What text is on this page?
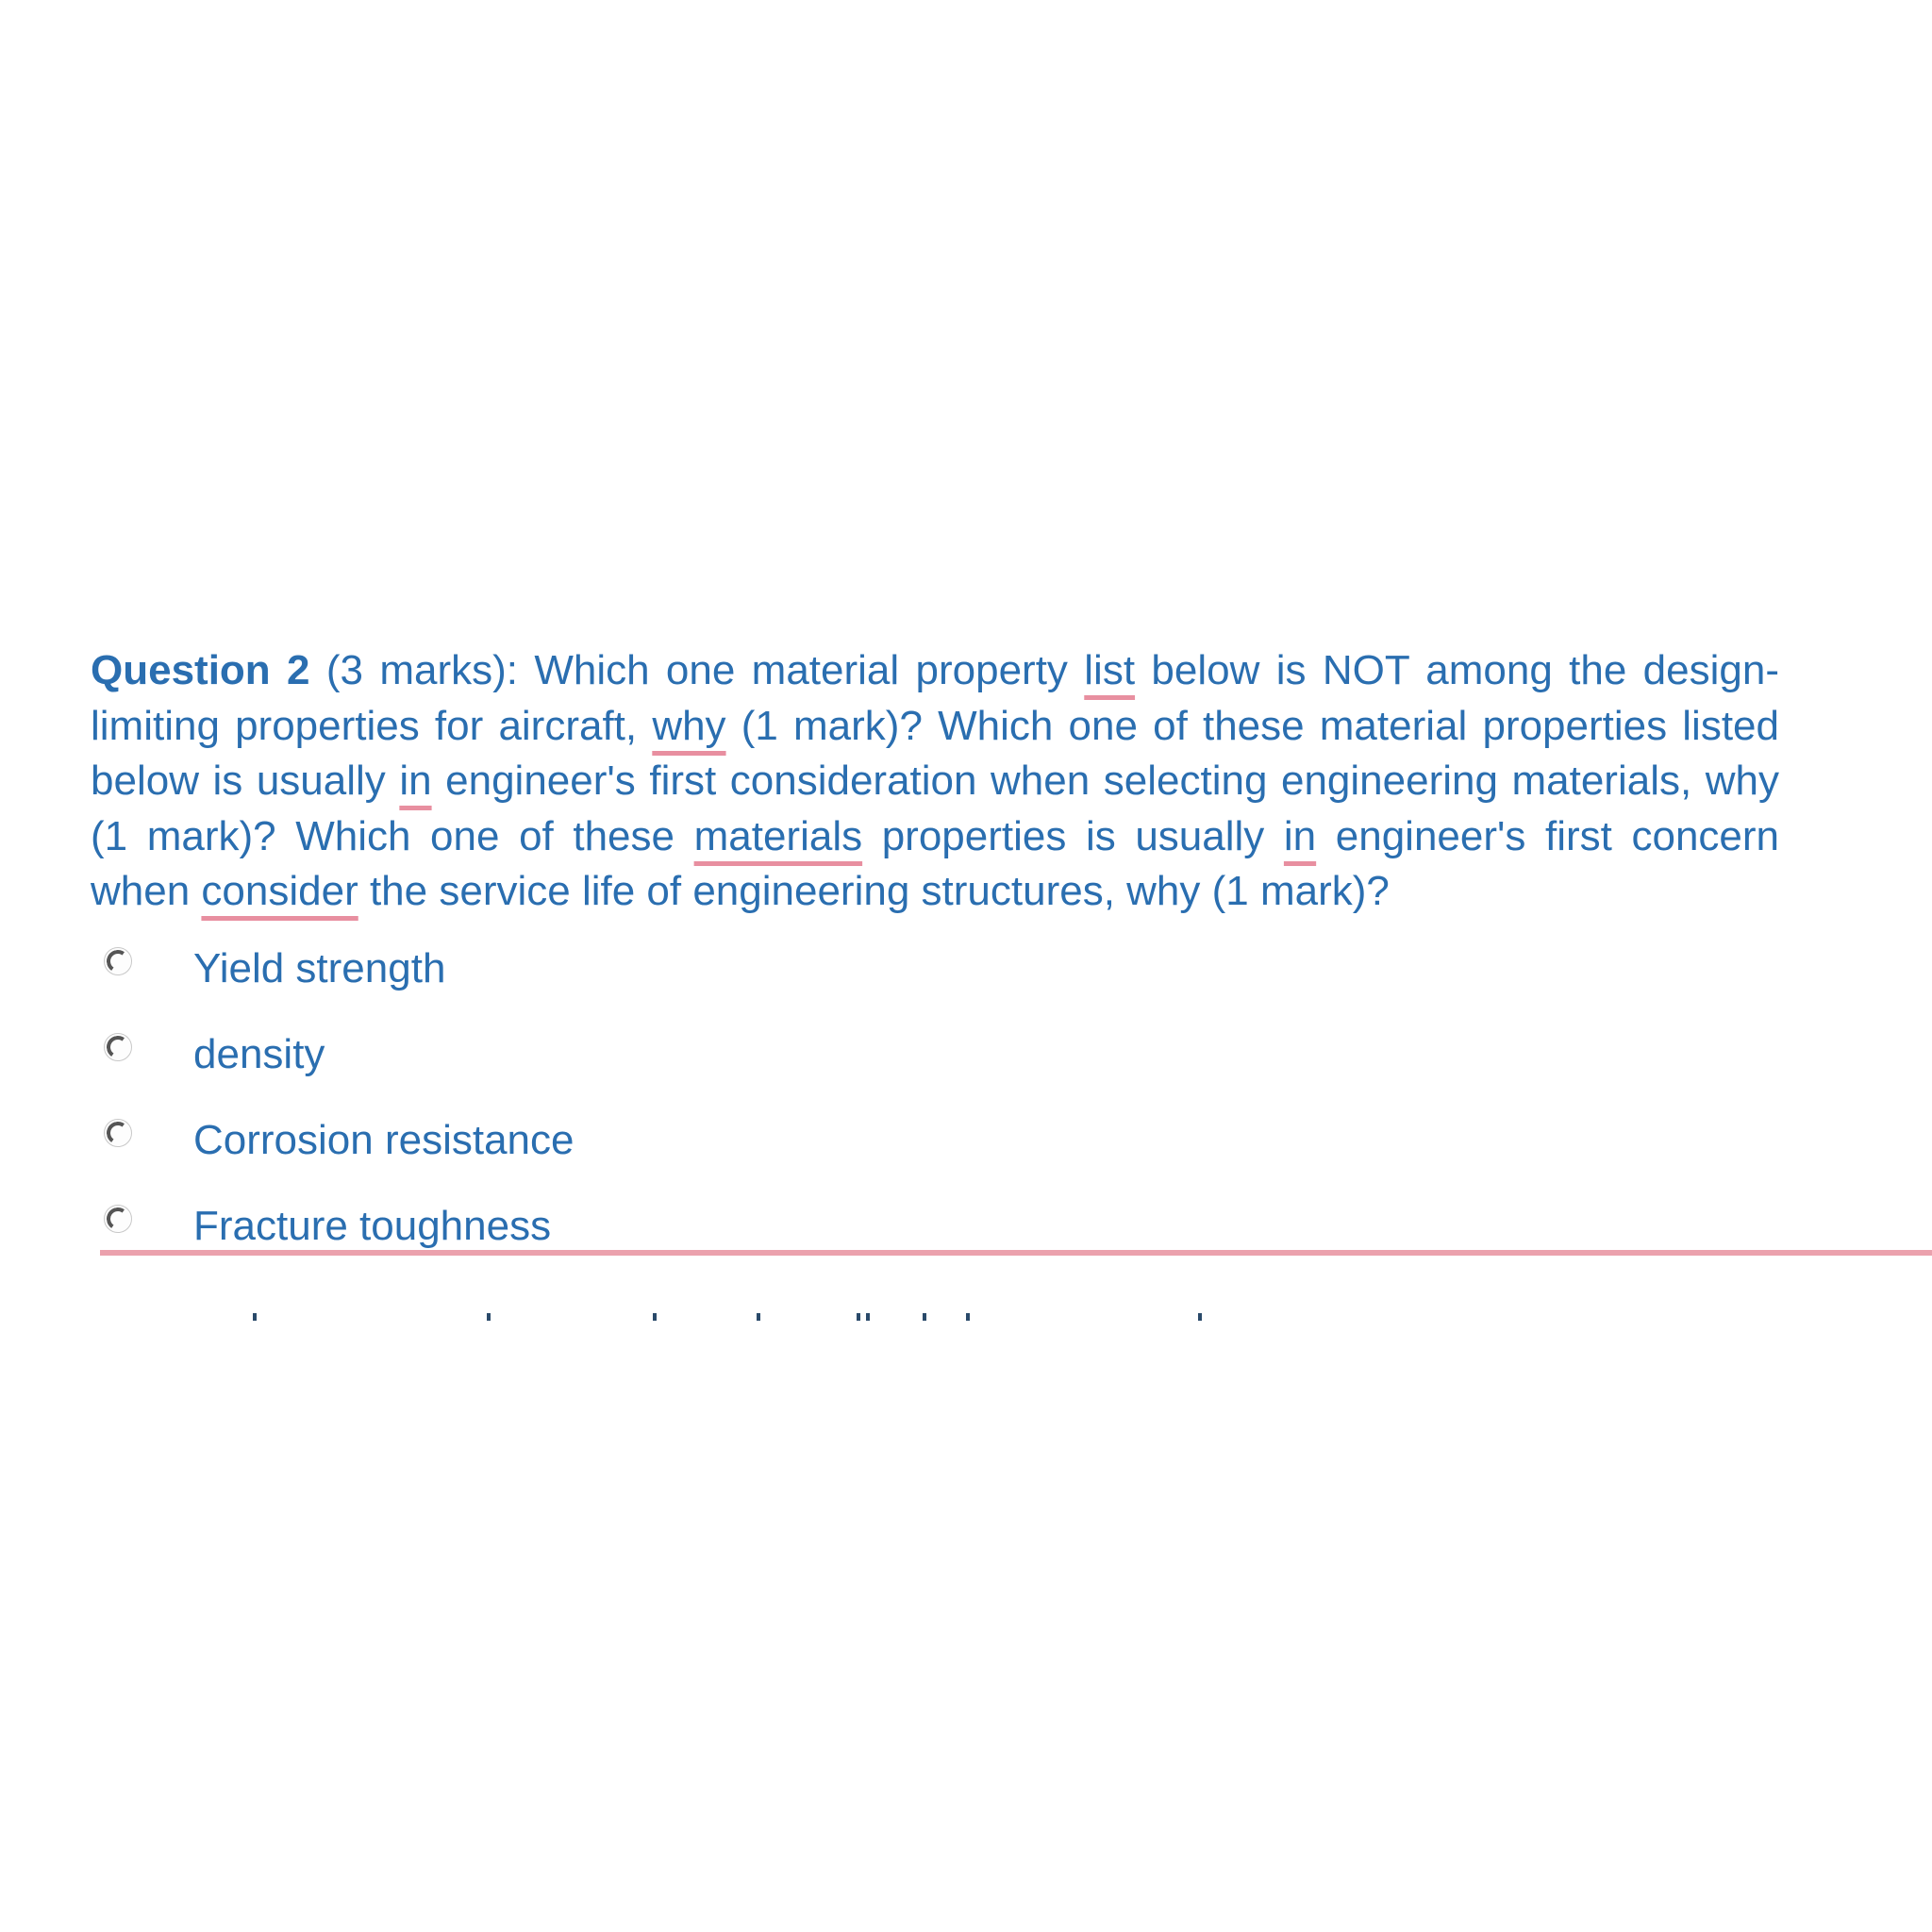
Question 2 (3 marks): Which one material property list below is NOT among the design-limiting properties for aircraft, why (1 mark)? Which one of these material properties listed below is usually in engineer's first consideration when selecting engineering materials, why (1 mark)? Which one of these materials properties is usually in engineer's first concern when consider the service life of engineering structures, why (1 mark)?
Yield strength
density
Corrosion resistance
Fracture toughness
